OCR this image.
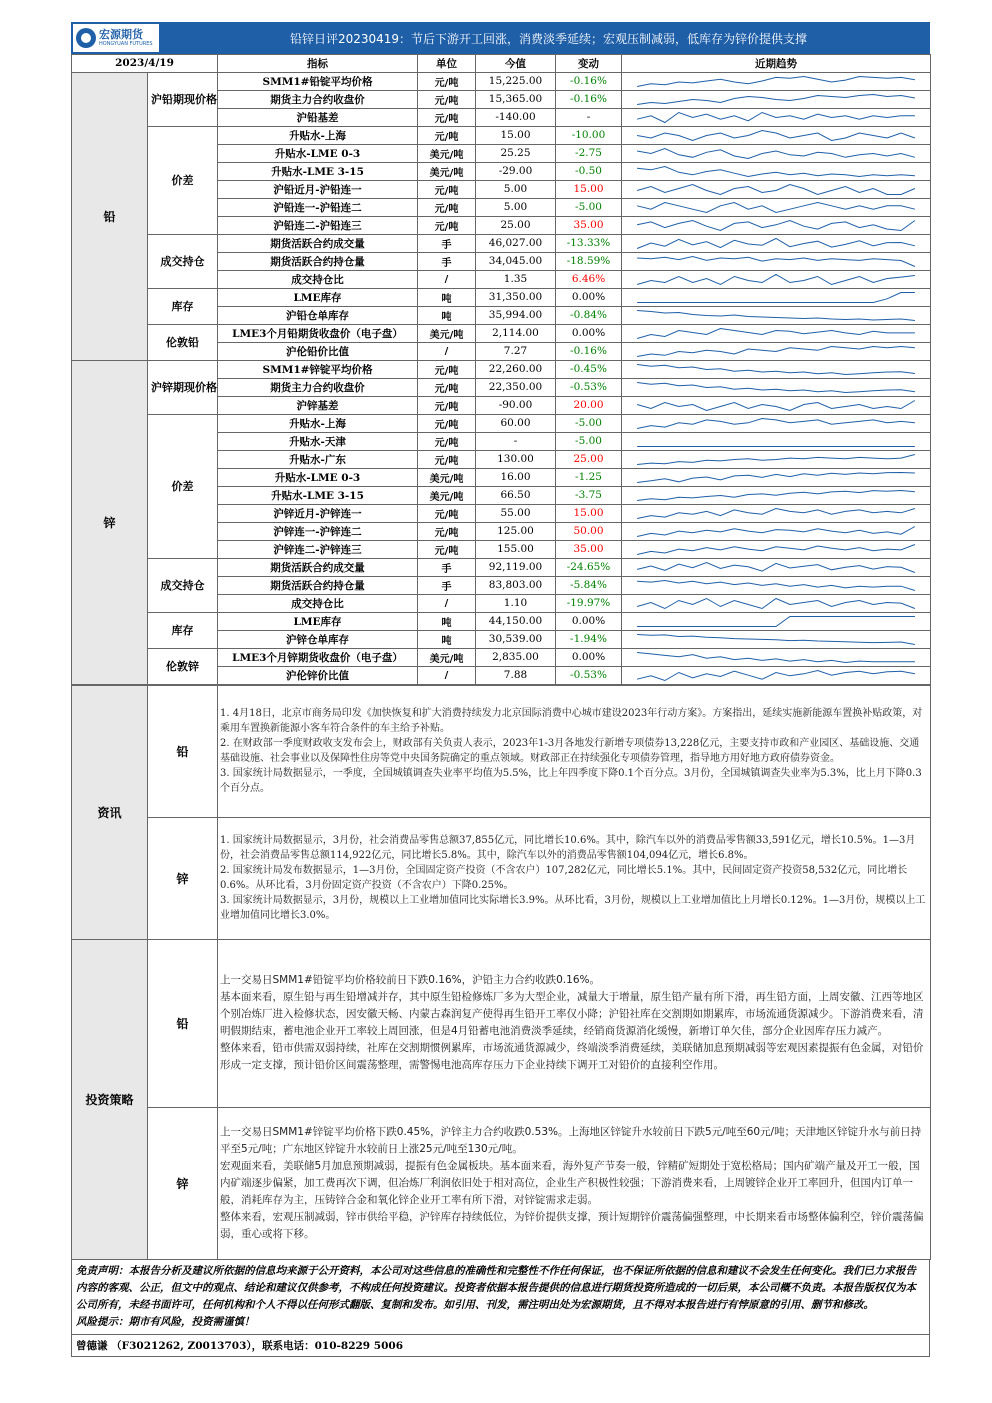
宏源期货
HONGYUAN FUTURES	铅锌日评20230419：节后下游开工回涨，消费淡季延续；宏观压制减弱，低库存为锌价提供支撑
2023/4/19		指标	单位	今值	变动	近期趋势
铅	沪铅期现价格	SMM1#铅锭平均价格	元/吨	15,225.00	-0.16%	

		期货主力合约收盘价	元/吨	15,365.00	-0.16%	

		沪铅基差	元/吨	-140.00	-	

	价差	升贴水-上海	元/吨	15.00	-10.00	

		升贴水-LME 0-3	美元/吨	25.25	-2.75	

		升贴水-LME 3-15	美元/吨	-29.00	-0.50	

		沪铅近月-沪铅连一	元/吨	5.00	15.00	

		沪铅连一-沪铅连二	元/吨	5.00	-5.00	

		沪铅连二-沪铅连三	元/吨	25.00	35.00	

	成交持仓	期货活跃合约成交量	手	46,027.00	-13.33%	

		期货活跃合约持仓量	手	34,045.00	-18.59%	

		成交持仓比	/	1.35	6.46%	

	库存	LME库存	吨	31,350.00	0.00%	

		沪铅仓单库存	吨	35,994.00	-0.84%	

	伦敦铅	LME3个月铅期货收盘价（电子盘）	美元/吨	2,114.00	0.00%	

		沪伦铅价比值	/	7.27	-0.16%	

锌	沪锌期现价格	SMM1#锌锭平均价格	元/吨	22,260.00	-0.45%	

		期货主力合约收盘价	元/吨	22,350.00	-0.53%	

		沪锌基差	元/吨	-90.00	20.00	

	价差	升贴水-上海	元/吨	60.00	-5.00	

		升贴水-天津	元/吨	-	-5.00	

		升贴水-广东	元/吨	130.00	25.00	

		升贴水-LME 0-3	美元/吨	16.00	-1.25	

		升贴水-LME 3-15	美元/吨	66.50	-3.75	

		沪锌近月-沪锌连一	元/吨	55.00	15.00	

		沪锌连一-沪锌连二	元/吨	125.00	50.00	

		沪锌连二-沪锌连三	元/吨	155.00	35.00	

	成交持仓	期货活跃合约成交量	手	92,119.00	-24.65%	

		期货活跃合约持仓量	手	83,803.00	-5.84%	

		成交持仓比	/	1.10	-19.97%	

	库存	LME库存	吨	44,150.00	0.00%	

		沪锌仓单库存	吨	30,539.00	-1.94%	

	伦敦锌	LME3个月锌期货收盘价（电子盘）	美元/吨	2,835.00	0.00%	

		沪伦锌价比值	/	7.88	-0.53%	
资讯	铅	1. 4月18日，北京市商务局印发《加快恢复和扩大消费持续发力北京国际消费中心城市建设2023年行动方案》。方案指出，延续实施新能源车置换补贴政策，对乘用车置换新能源小客车符合条件的车主给予补贴。

2. 在财政部一季度财政收支发布会上，财政部有关负责人表示，2023年1-3月各地发行新增专项债券13,228亿元，主要支持市政和产业园区、基础设施、交通基础设施、社会事业以及保障性住房等党中央国务院确定的重点领域。财政部正在持续强化专项债券管理，指导地方用好地方政府债券资金。

3. 国家统计局数据显示，一季度，全国城镇调查失业率平均值为5.5%，比上年四季度下降0.1个百分点。3月份，全国城镇调查失业率为5.3%，比上月下降0.3个百分点。

	锌	1. 国家统计局数据显示，3月份，社会消费品零售总额37,855亿元，同比增长10.6%。其中，除汽车以外的消费品零售额33,591亿元，增长10.5%。1—3月份，社会消费品零售总额114,922亿元，同比增长5.8%。其中，除汽车以外的消费品零售额104,094亿元，增长6.8%。

2. 国家统计局发布数据显示，1—3月份，全国固定资产投资（不含农户）107,282亿元，同比增长5.1%。其中，民间固定资产投资58,532亿元，同比增长0.6%。从环比看，3月份固定资产投资（不含农户）下降0.25%。

3. 国家统计局数据显示，3月份，规模以上工业增加值同比实际增长3.9%。从环比看，3月份，规模以上工业增加值比上月增长0.12%。1—3月份，规模以上工业增加值同比增长3.0%。

投资策略	铅	上一交易日SMM1#铅锭平均价格较前日下跌0.16%，沪铅主力合约收跌0.16%。

基本面来看，原生铅与再生铅增减并存，其中原生铅检修炼厂多为大型企业，减量大于增量，原生铅产量有所下滑，再生铅方面，上周安徽、江西等地区个别冶炼厂进入检修状态，因安徽天畅、内蒙古森润复产使得再生铅开工率仅小降；沪铅社库在交割期如期累库，市场流通货源减少。下游消费来看，清明假期结束，蓄电池企业开工率较上周回涨，但是4月铅蓄电池消费淡季延续，经销商货源消化缓慢，新增订单欠佳，部分企业因库存压力减产。

整体来看，铅市供需双弱持续，社库在交割期惯例累库，市场流通货源减少，终端淡季消费延续，美联储加息预期减弱等宏观因素提振有色金属，对铅价形成一定支撑，预计铅价区间震荡整理，需警惕电池高库存压力下企业持续下调开工对铅价的直接利空作用。

	锌	上一交易日SMM1#锌锭平均价格下跌0.45%，沪锌主力合约收跌0.53%。上海地区锌锭升水较前日下跌5元/吨至60元/吨；天津地区锌锭升水与前日持平至5元/吨；广东地区锌锭升水较前日上涨25元/吨至130元/吨。

宏观面来看，美联储5月加息预期减弱，提振有色金属板块。基本面来看，海外复产节奏一般，锌精矿短期处于宽松格局；国内矿端产量及开工一般，国内矿端逐步偏紧，加工费再次下调，但冶炼厂利润依旧处于相对高位，企业生产积极性较强；下游消费来看，上周镀锌企业开工率回升，但国内订单一般，消耗库存为主，压铸锌合金和氧化锌企业开工率有所下滑，对锌锭需求走弱。

整体来看，宏观压制减弱，锌市供给平稳，沪锌库存持续低位，为锌价提供支撑，预计短期锌价震荡偏强整理，中长期来看市场整体偏利空，锌价震荡偏弱，重心或将下移。

免责声明：本报告分析及建议所依据的信息均来源于公开资料，本公司对这些信息的准确性和完整性不作任何保证，也不保证所依据的信息和建议不会发生任何变化。我们已力求报告内容的客观、公正，但文中的观点、结论和建议仅供参考，不构成任何投资建议。投资者依据本报告提供的信息进行期货投资所造成的一切后果，本公司概不负责。本报告版权仅为本公司所有，未经书面许可，任何机构和个人不得以任何形式翻版、复制和发布。如引用、刊发，需注明出处为宏源期货，且不得对本报告进行有悖原意的引用、删节和修改。
风险提示：期市有风险，投资需谨慎！
曾德谦 （F3021262, Z0013703），联系电话：010-8229 5006
